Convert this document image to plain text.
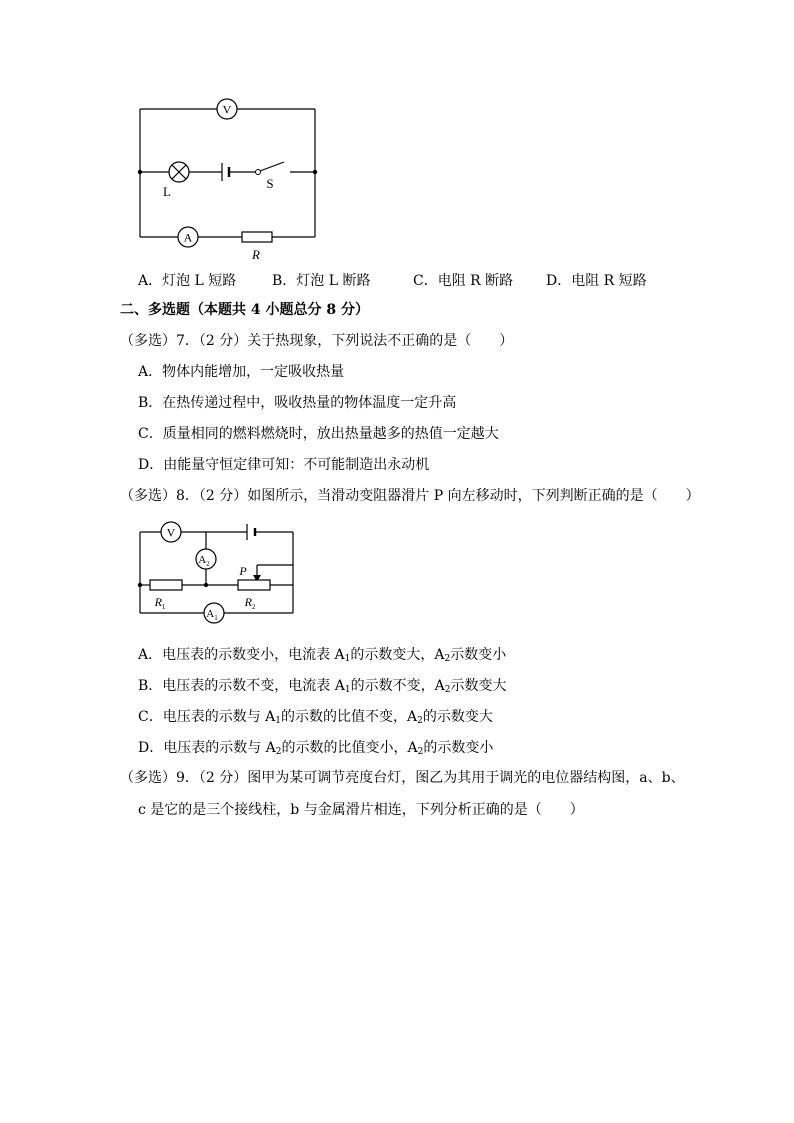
V
L
S
A
R
A．灯泡 L 短路	B．灯泡 L 断路	C．电阻 R 断路 D．电阻 R 短路
二、多选题（本题共 4 小题总分 8 分）
（多选）7．（2 分）关于热现象，下列说法不正确的是（　　）
A．物体内能增加，一定吸收热量
B．在热传递过程中，吸收热量的物体温度一定升高
C．质量相同的燃料燃烧时，放出热量越多的热值一定越大
D．由能量守恒定律可知：不可能制造出永动机
（多选）8．（2 分）如图所示，当滑动变阻器滑片 P 向左移动时，下列判断正确的是（　　）
V
$A_2$
$A_1$
$R_1$	$R_2$
P
A．电压表的示数变小，电流表 $A_1$的示数变大，$A_2$示数变小
B．电压表的示数不变，电流表 $A_1$的示数不变，$A_2$示数变大
C．电压表的示数与 $A_1$的示数的比值不变，$A_2$的示数变大
D．电压表的示数与 $A_2$的示数的比值变小，$A_2$的示数变小
（多选）9．（2 分）图甲为某可调节亮度台灯，图乙为其用于调光的电位器结构图，a、b、
c 是它的是三个接线柱，b 与金属滑片相连，下列分析正确的是（　　）
